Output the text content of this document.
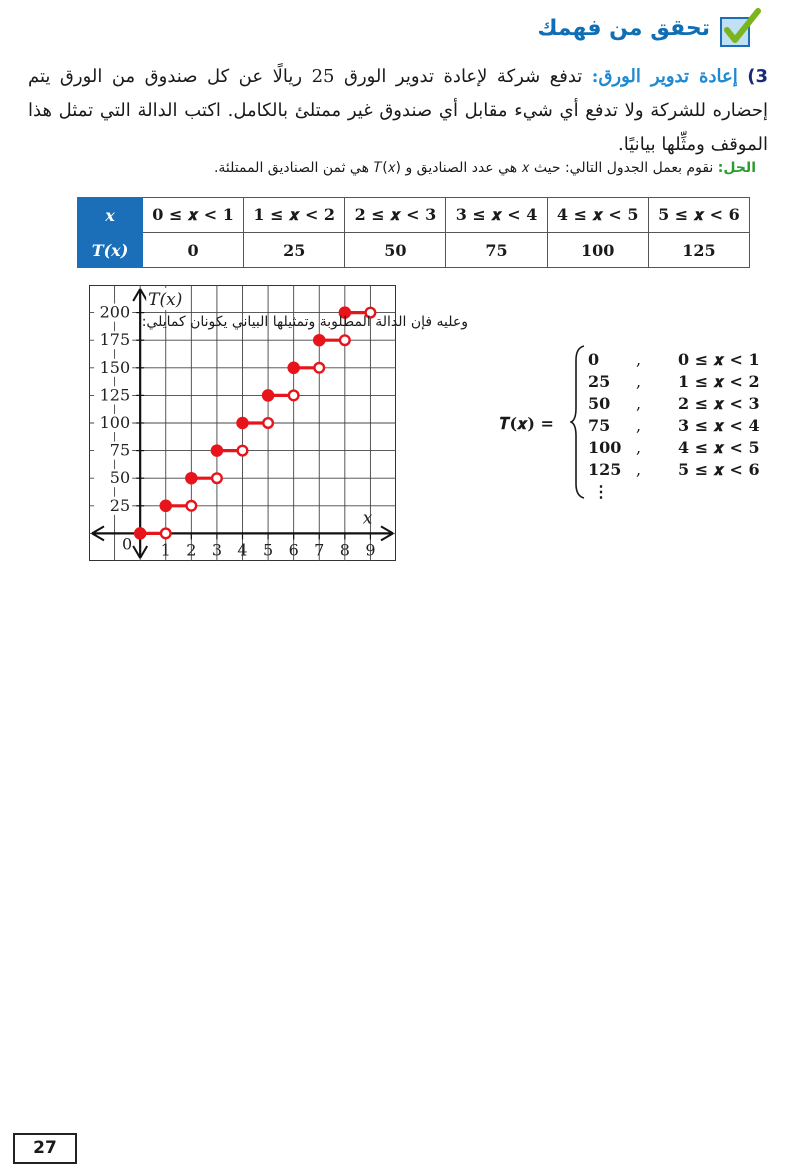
تحقق من فهمك
3) إعادة تدوير الورق: تدفع شركة لإعادة تدوير الورق 25 ريالًا عن كل صندوق من الورق يتم إحضاره للشركة ولا تدفع أي شيء مقابل أي صندوق غير ممتلئ بالكامل. اكتب الدالة التي تمثل هذا الموقف ومثِّلها بيانيًا.
الحل: نقوم بعمل الجدول التالي: حيث 𝑥 هي عدد الصناديق و 𝑇(𝑥) هي ثمن الصناديق الممتلئة.
x	0 ≤ 𝒙 < 1	1 ≤ 𝒙 < 2	2 ≤ 𝒙 < 3	3 ≤ 𝒙 < 4	4 ≤ 𝒙 < 5	5 ≤ 𝒙 < 6
T(x)	0	25	50	75	100	125
1 2 3 4 5 6 7 8 9
25
50
75
100
125
150
175
200
0
T(x)
x
وعليه فإن الدالة المطلوبة وتمثيلها البياني يكونان كمايلي:
𝑻(𝒙) =
0 , 0 ≤ 𝒙 < 1
25 , 1 ≤ 𝒙 < 2
50 , 2 ≤ 𝒙 < 3
75 , 3 ≤ 𝒙 < 4
100 , 4 ≤ 𝒙 < 5
125 , 5 ≤ 𝒙 < 6
⋮
27
